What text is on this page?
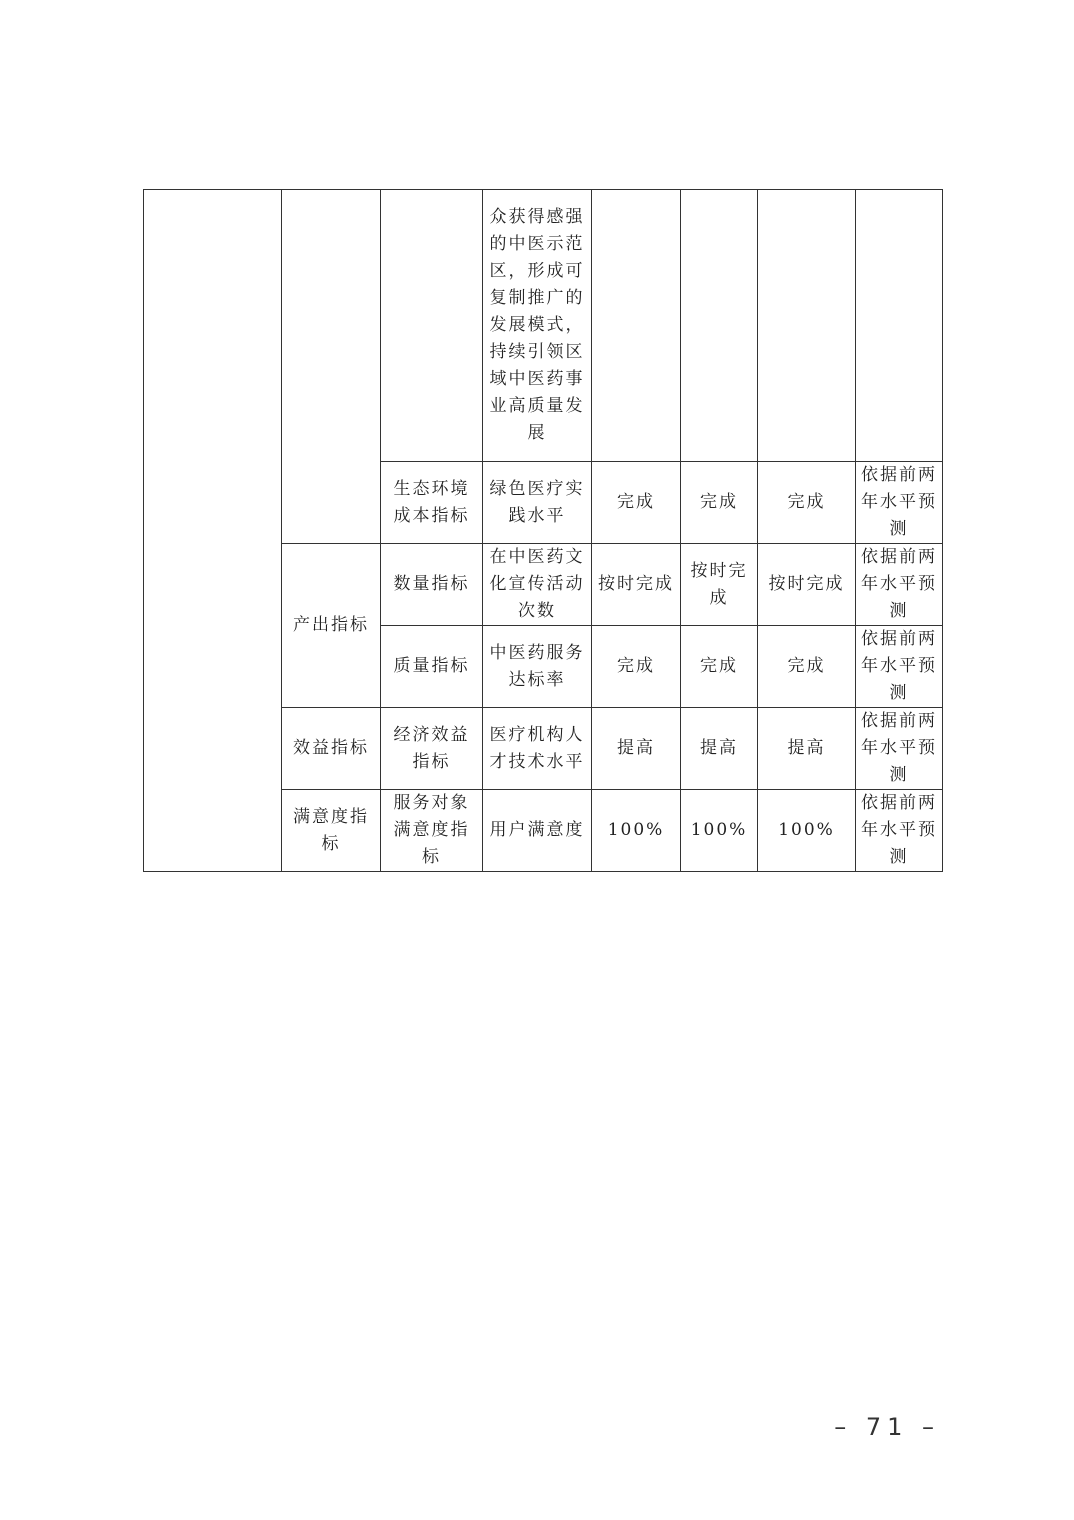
			众获得感强的中医示范区，形成可复制推广的发展模式，持续引领区域中医药事业高质量发展				

		生态环境成本指标	绿色医疗实践水平	完成	完成	完成	依据前两年水平预测
	产出指标	数量指标	在中医药文化宣传活动次数	按时完成	按时完成	按时完成	依据前两年水平预测
		质量指标	中医药服务达标率	完成	完成	完成	依据前两年水平预测
	效益指标	经济效益指标	医疗机构人才技术水平	提高	提高	提高	依据前两年水平预测
	满意度指标	服务对象满意度指标	用户满意度	100%	100%	100%	依据前两年水平预测
– 71 –
